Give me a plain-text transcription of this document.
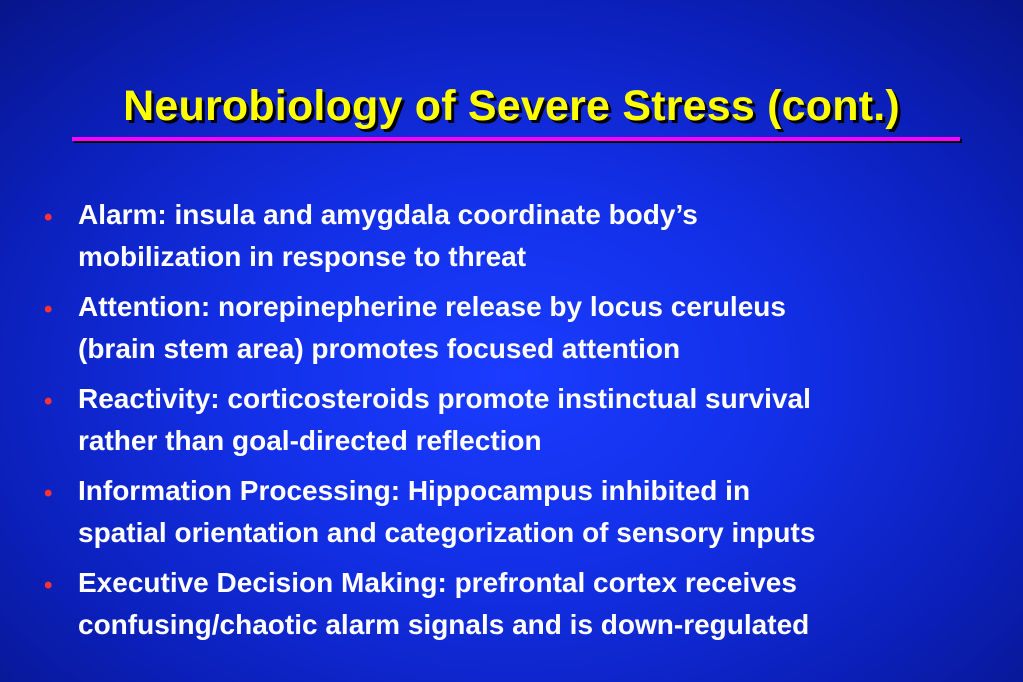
Neurobiology of Severe Stress (cont.)
• Alarm: insula and amygdala coordinate body’s
mobilization in response to threat
• Attention: norepinepherine release by locus ceruleus
(brain stem area) promotes focused attention
• Reactivity: corticosteroids promote instinctual survival
rather than goal-directed reflection
• Information Processing: Hippocampus inhibited in
spatial orientation and categorization of sensory inputs
• Executive Decision Making: prefrontal cortex receives
confusing/chaotic alarm signals and is down-regulated
